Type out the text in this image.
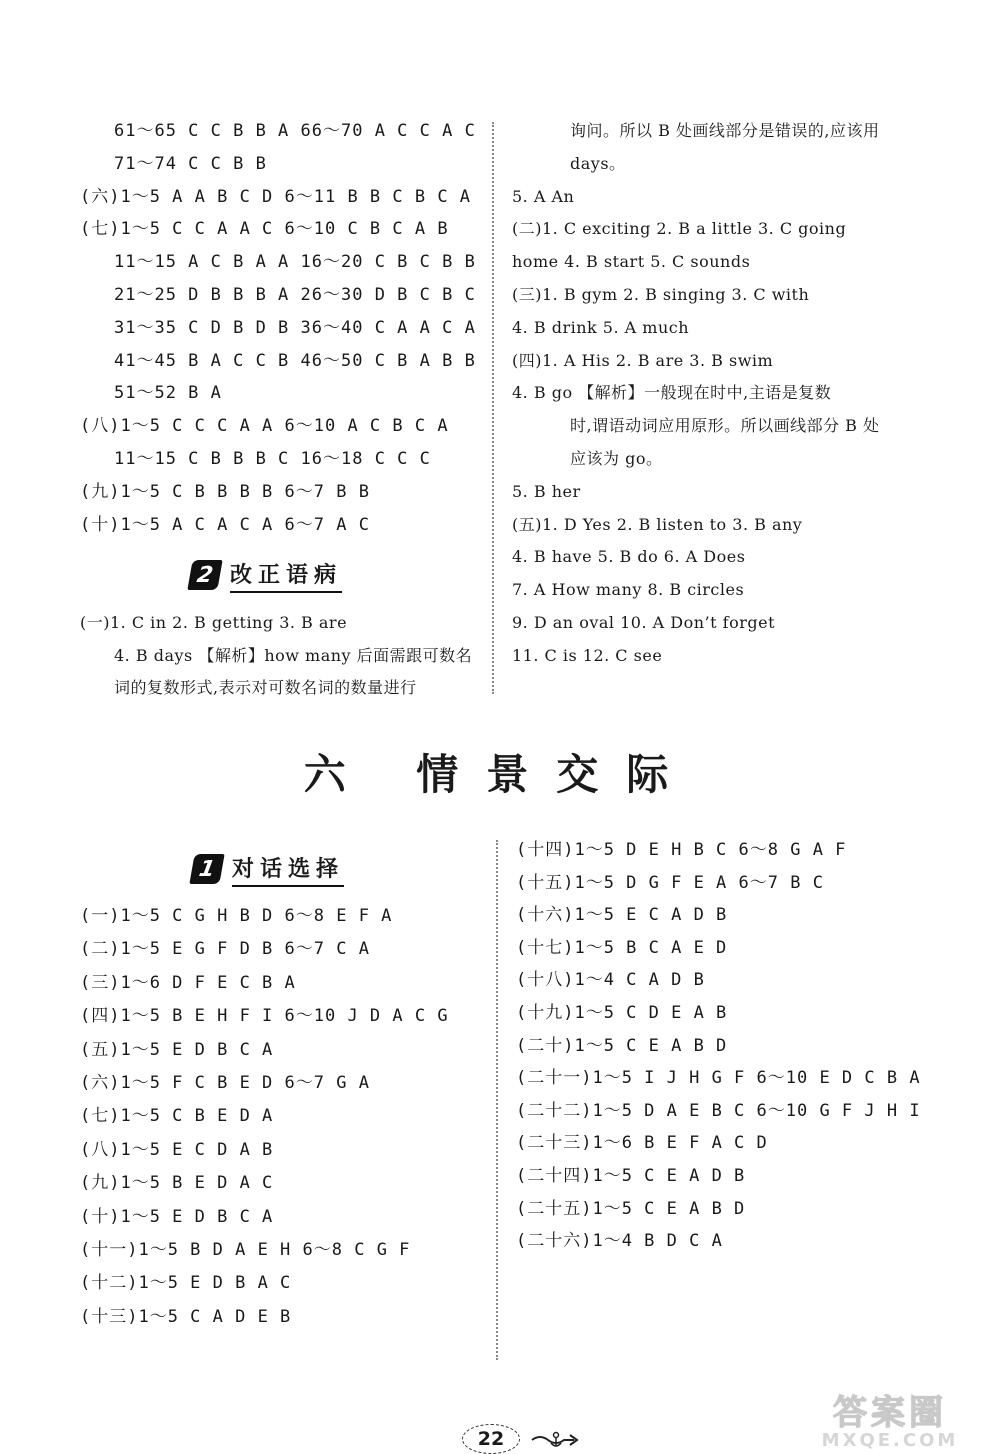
61～65 C C B B A 66～70 A C C A C
71～74 C C B B
(六)1～5 A A B C D 6～11 B B C B C A
(七)1～5 C C A A C 6～10 C B C A B
11～15 A C B A A 16～20 C B C B B
21～25 D B B B A 26～30 D B C B C
31～35 C D B D B 36～40 C A A C A
41～45 B A C C B 46～50 C B A B B
51～52 B A
(八)1～5 C C C A A 6～10 A C B C A
11～15 C B B B C 16～18 C C C
(九)1～5 C B B B B 6～7 B B
(十)1～5 A C A C A 6～7 A C
(一)1. C in 2. B getting 3. B are
4. B days 【解析】how many 后面需跟可数名
词的复数形式,表示对可数名词的数量进行
询问。所以 B 处画线部分是错误的,应该用
days。
5. A An
(二)1. C exciting 2. B a little 3. C going
home 4. B start 5. C sounds
(三)1. B gym 2. B singing 3. C with
4. B drink 5. A much
(四)1. A His 2. B are 3. B swim
4. B go 【解析】一般现在时中,主语是复数
时,谓语动词应用原形。所以画线部分 B 处
应该为 go。
5. B her
(五)1. D Yes 2. B listen to 3. B any
4. B have 5. B do 6. A Does
7. A How many 8. B circles
9. D an oval 10. A Don’t forget
11. C is 12. C see
2 改正语病
六 情景交际
1 对话选择
(一)1～5 C G H B D 6～8 E F A
(二)1～5 E G F D B 6～7 C A
(三)1～6 D F E C B A
(四)1～5 B E H F I 6～10 J D A C G
(五)1～5 E D B C A
(六)1～5 F C B E D 6～7 G A
(七)1～5 C B E D A
(八)1～5 E C D A B
(九)1～5 B E D A C
(十)1～5 E D B C A
(十一)1～5 B D A E H 6～8 C G F
(十二)1～5 E D B A C
(十三)1～5 C A D E B
(十四)1～5 D E H B C 6～8 G A F
(十五)1～5 D G F E A 6～7 B C
(十六)1～5 E C A D B
(十七)1～5 B C A E D
(十八)1～4 C A D B
(十九)1～5 C D E A B
(二十)1～5 C E A B D
(二十一)1～5 I J H G F 6～10 E D C B A
(二十二)1～5 D A E B C 6～10 G F J H I
(二十三)1～6 B E F A C D
(二十四)1～5 C E A D B
(二十五)1～5 C E A B D
(二十六)1～4 B D C A
22
答案圈
MXQE.COM
